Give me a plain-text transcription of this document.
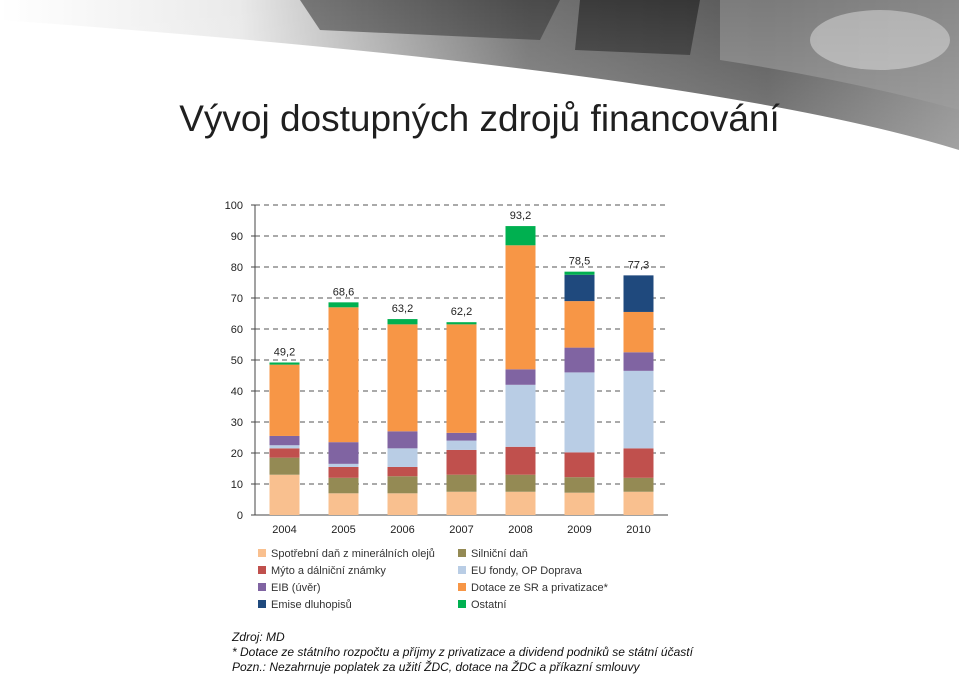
Vývoj dostupných zdrojů financování
0
10
20
30
40
50
60
70
80
90
100
49,2
2004
68,6
2005
63,2
2006
62,2
2007
93,2
2008
78,5
2009
77,3
2010
Spotřební daň z minerálních olejů	Silniční daň
Mýto a dálniční známky	EU fondy, OP Doprava
EIB (úvěr)	Dotace ze SR a privatizace*
Emise dluhopisů	Ostatní
Zdroj: MD
* Dotace ze státního rozpočtu a příjmy z privatizace a dividend podniků se státní účastí
Pozn.: Nezahrnuje poplatek za užití ŽDC, dotace na ŽDC a příkazní smlouvy
